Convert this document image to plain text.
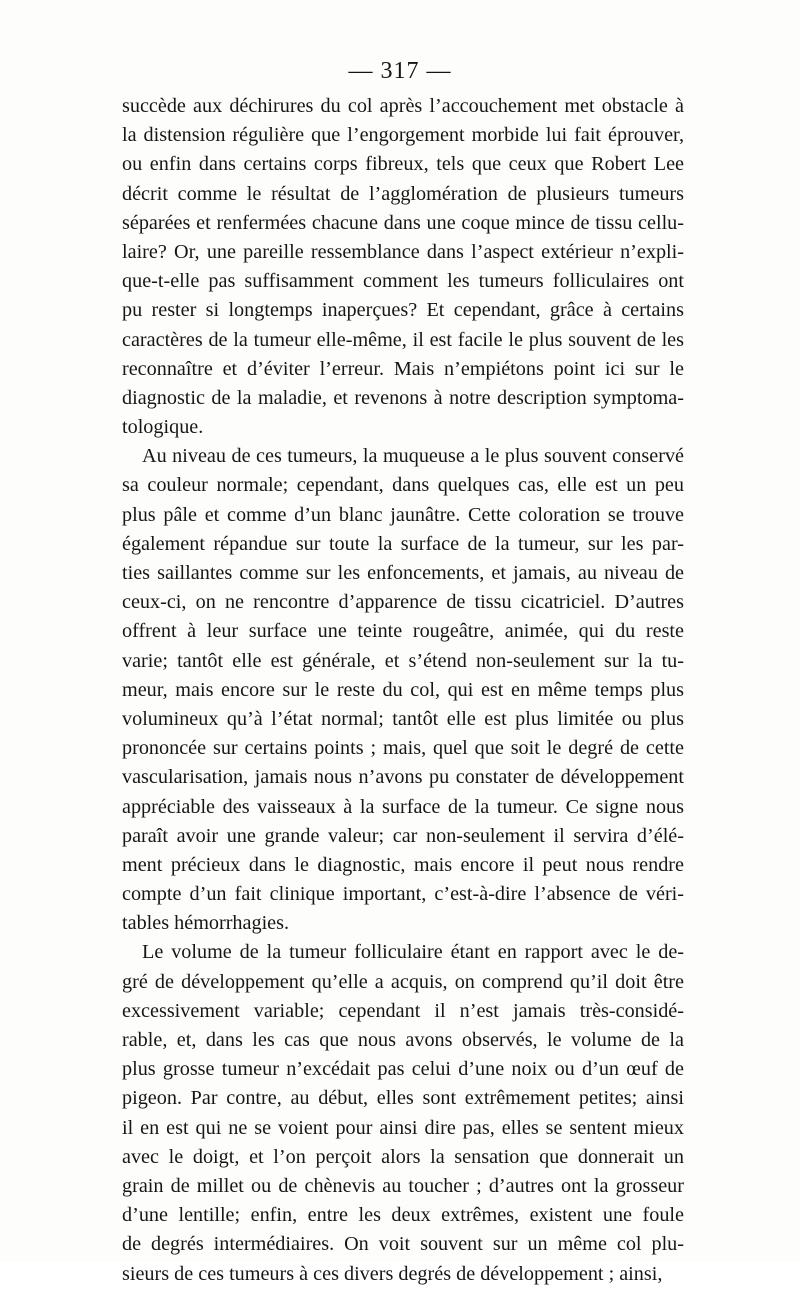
— 317 —
succède aux déchirures du col après l’accouchement met obstacle à
la distension régulière que l’engorgement morbide lui fait éprouver,
ou enfin dans certains corps fibreux, tels que ceux que Robert Lee
décrit comme le résultat de l’agglomération de plusieurs tumeurs
séparées et renfermées chacune dans une coque mince de tissu cellu-
laire? Or, une pareille ressemblance dans l’aspect extérieur n’expli-
que-t-elle pas suffisamment comment les tumeurs folliculaires ont
pu rester si longtemps inaperçues? Et cependant, grâce à certains
caractères de la tumeur elle-même, il est facile le plus souvent de les
reconnaître et d’éviter l’erreur. Mais n’empiétons point ici sur le
diagnostic de la maladie, et revenons à notre description symptoma-
tologique.
Au niveau de ces tumeurs, la muqueuse a le plus souvent conservé
sa couleur normale; cependant, dans quelques cas, elle est un peu
plus pâle et comme d’un blanc jaunâtre. Cette coloration se trouve
également répandue sur toute la surface de la tumeur, sur les par-
ties saillantes comme sur les enfoncements, et jamais, au niveau de
ceux-ci, on ne rencontre d’apparence de tissu cicatriciel. D’autres
offrent à leur surface une teinte rougeâtre, animée, qui du reste
varie; tantôt elle est générale, et s’étend non-seulement sur la tu-
meur, mais encore sur le reste du col, qui est en même temps plus
volumineux qu’à l’état normal; tantôt elle est plus limitée ou plus
prononcée sur certains points ; mais, quel que soit le degré de cette
vascularisation, jamais nous n’avons pu constater de développement
appréciable des vaisseaux à la surface de la tumeur. Ce signe nous
paraît avoir une grande valeur; car non-seulement il servira d’élé-
ment précieux dans le diagnostic, mais encore il peut nous rendre
compte d’un fait clinique important, c’est-à-dire l’absence de véri-
tables hémorrhagies.
Le volume de la tumeur folliculaire étant en rapport avec le de-
gré de développement qu’elle a acquis, on comprend qu’il doit être
excessivement variable; cependant il n’est jamais très-considé-
rable, et, dans les cas que nous avons observés, le volume de la
plus grosse tumeur n’excédait pas celui d’une noix ou d’un œuf de
pigeon. Par contre, au début, elles sont extrêmement petites; ainsi
il en est qui ne se voient pour ainsi dire pas, elles se sentent mieux
avec le doigt, et l’on perçoit alors la sensation que donnerait un
grain de millet ou de chènevis au toucher ; d’autres ont la grosseur
d’une lentille; enfin, entre les deux extrêmes, existent une foule
de degrés intermédiaires. On voit souvent sur un même col plu-
sieurs de ces tumeurs à ces divers degrés de développement ; ainsi,
